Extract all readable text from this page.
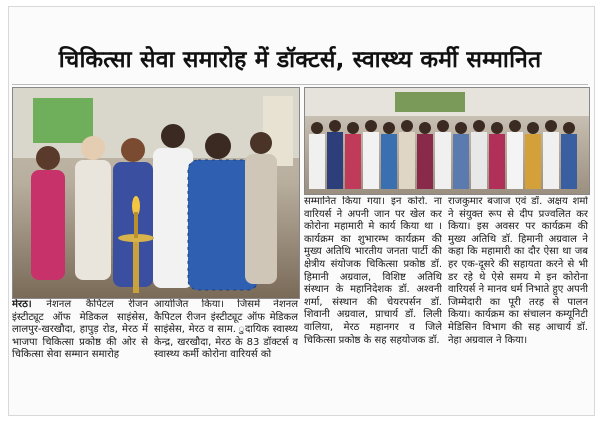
चिकित्सा सेवा समारोह में डॉक्टर्स, स्वास्थ्य कर्मी सम्मानित

मेरठ। नेशनल कैपिटल रीजन इंस्टीट्यूट ऑफ मेडिकल साइंसेस, लालपुर-खरखौदा, हापुड़ रोड, मेरठ में भाजपा चिकित्सा प्रकोष्ठ की ओर से चिकित्सा सेवा सम्मान समारोह

आयोजित किया। जिसमें नेशनल कैपिटल रीजन इंस्टीट्यूट ऑफ मेडिकल साइंसेस, मेरठ व साम. ुदायिक स्वास्थ्य केन्द्र, खरखौदा, मेरठ के 83 डॉक्टर्स व स्वास्थ्य कर्मी कोरोना वारियर्स को

सम्मानित किया गया। इन कोरो. ना वारियर्स ने अपनी जान पर खेल कर कोरोना महामारी मे कार्य किया था । कार्यक्रम का शुभारम्भ कार्यक्रम की मुख्य अतिथि भारतीय जनता पार्टी की क्षेत्रीय संयोजक चिकित्सा प्रकोष्ठ डॉ. हिमानी अग्रवाल, विशिष्ट अतिथि संस्थान के महानिदेशक डॉ. अश्वनी शर्मा, संस्थान की चेयरपर्सन डॉ. शिवानी अग्रवाल, प्राचार्य डॉ. लिली वालिया, मेरठ महानगर व जिले चिकित्सा प्रकोष्ठ के सह सहयोजक डॉ.

राजकुमार बजाज एवं डॉ. अक्षय शर्मा ने संयुक्त रूप से दीप प्रज्वलित कर किया। इस अवसर पर कार्यक्रम की मुख्य अतिथि डॉ. हिमानी अग्रवाल ने कहा कि महामारी का दौर ऐसा था जब हर एक-दूसरे की सहायता करने से भी डर रहे थे ऐसे समय मे इन कोरोना वारियर्स ने मानव धर्म निभाते हुए अपनी जिम्मेदारी का पूरी तरह से पालन किया। कार्यक्रम का संचालन कम्यूनिटी मेडिसिन विभाग की सह आचार्य डॉ. नेहा अग्रवाल ने किया।
